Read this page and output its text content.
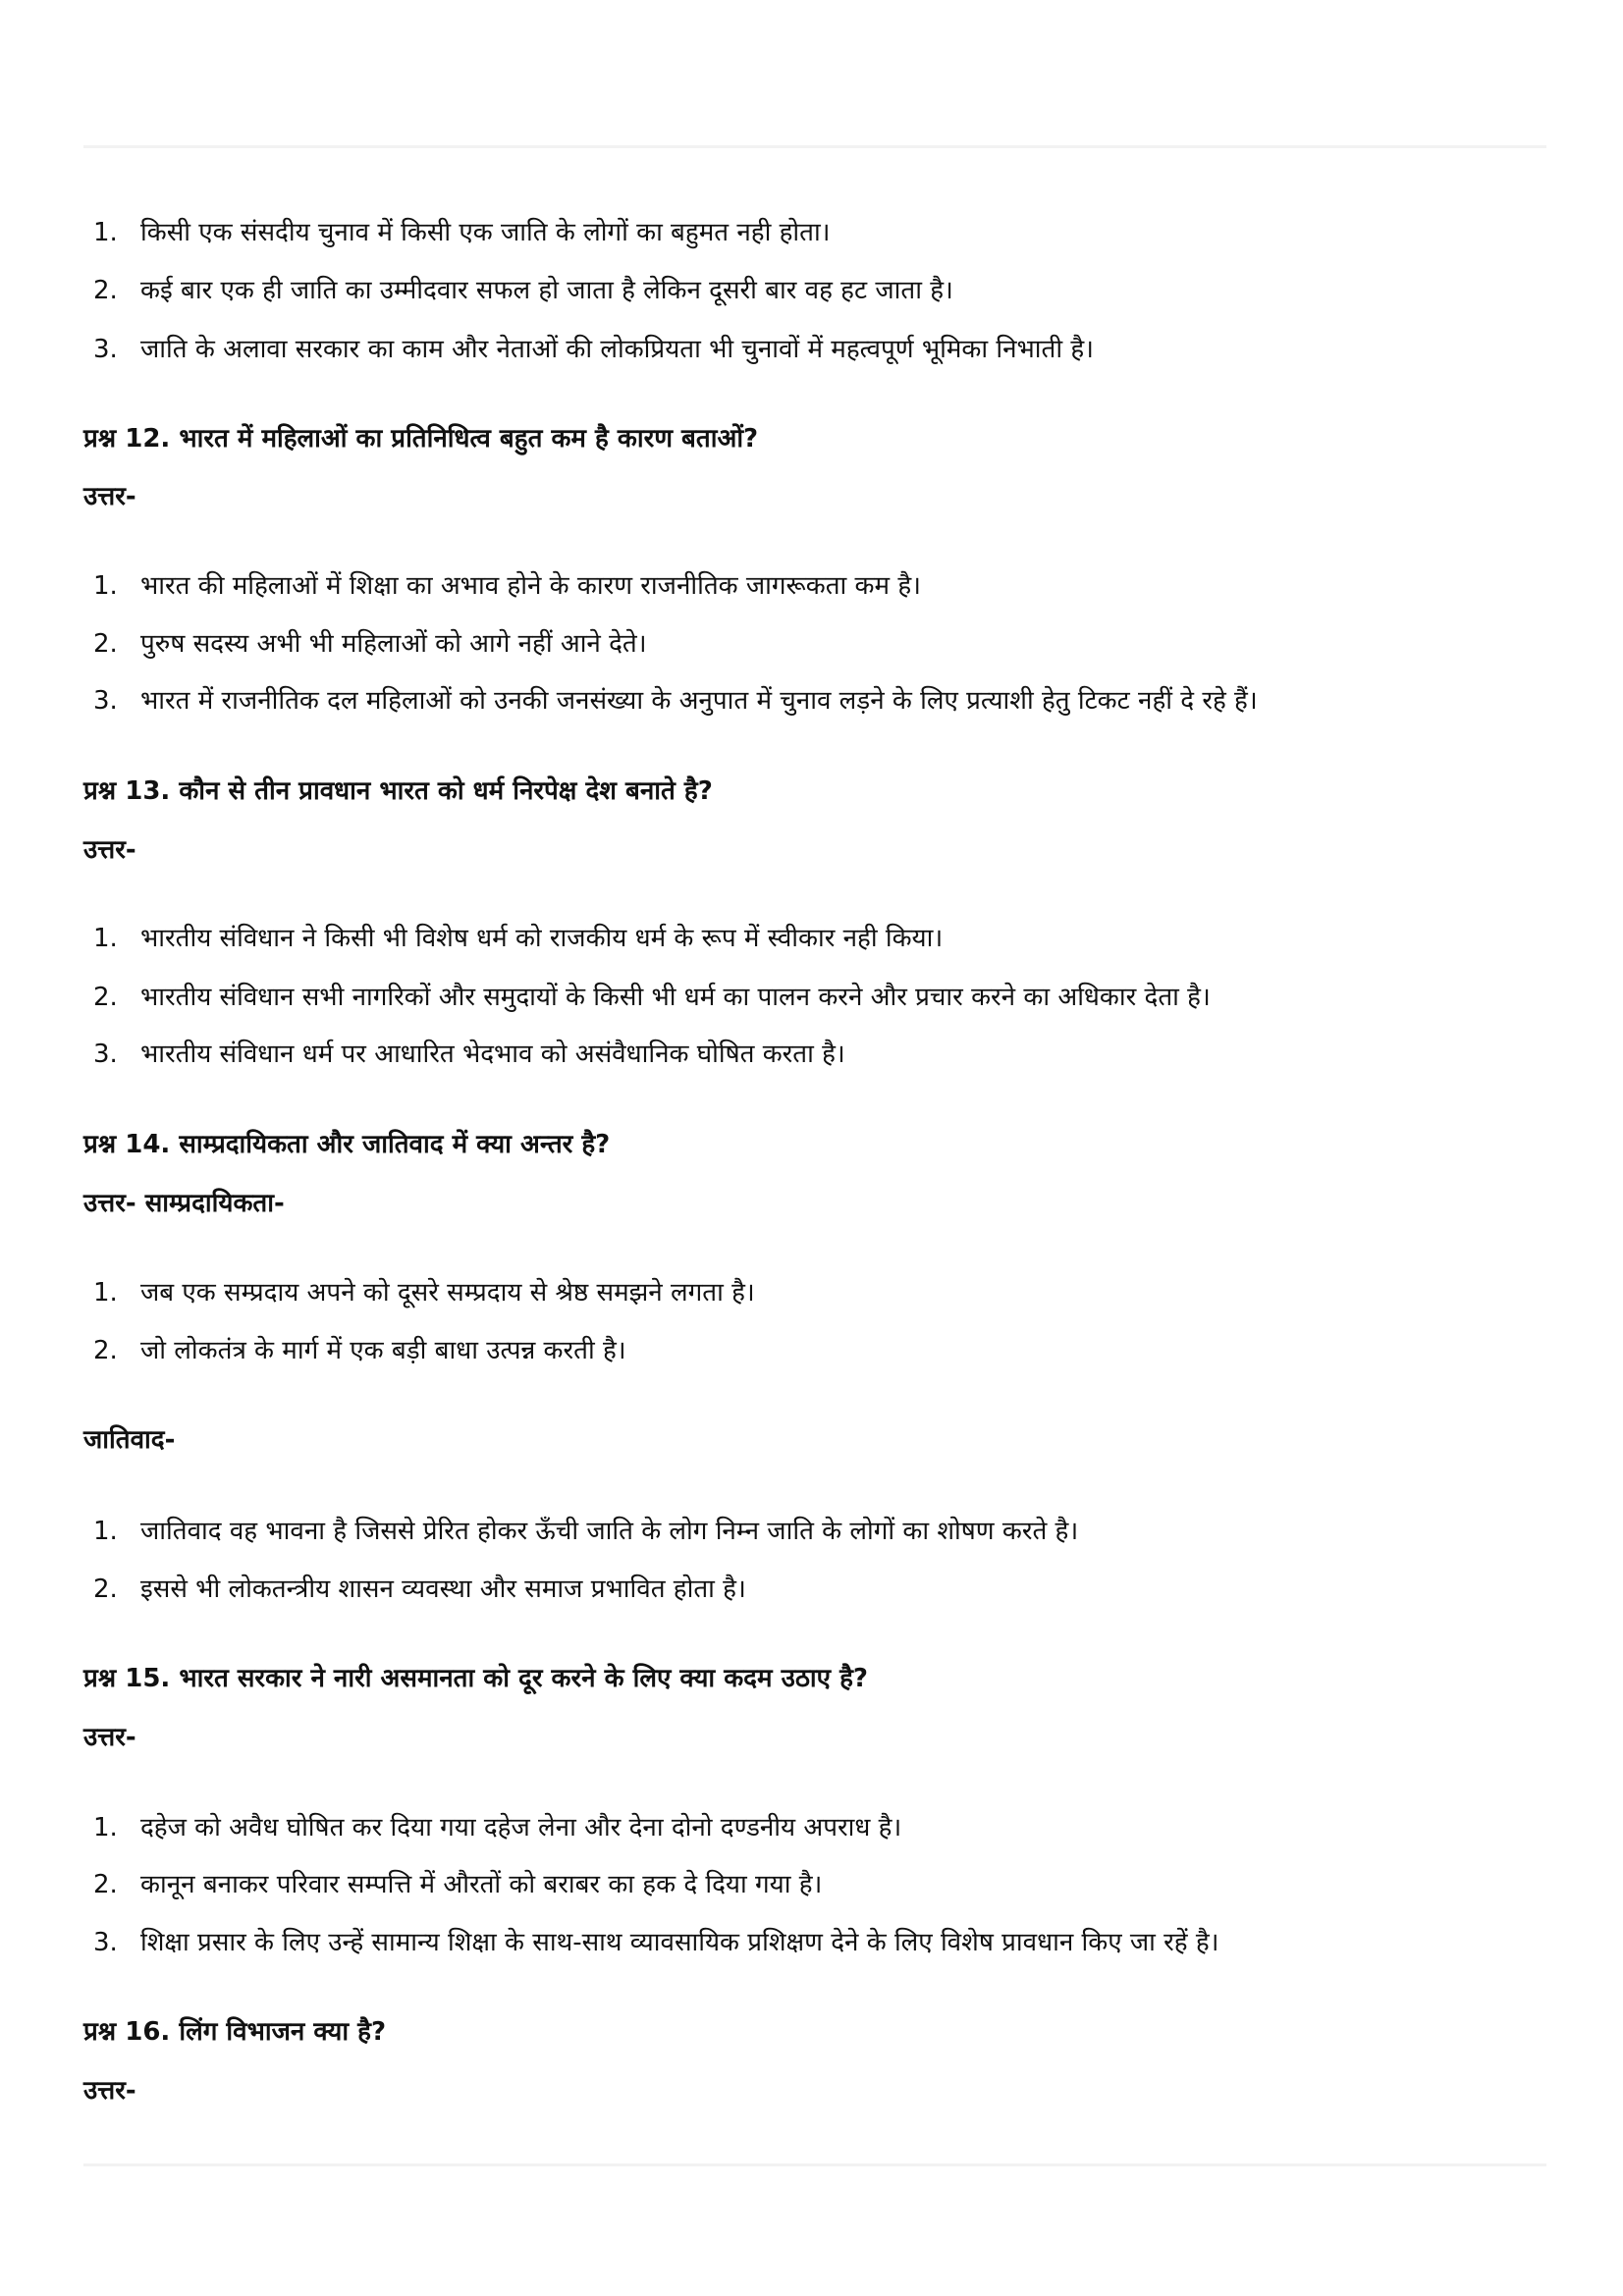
1. किसी एक संसदीय चुनाव में किसी एक जाति के लोगों का बहुमत नही होता।
2. कई बार एक ही जाति का उम्मीदवार सफल हो जाता है लेकिन दूसरी बार वह हट जाता है।
3. जाति के अलावा सरकार का काम और नेताओं की लोकप्रियता भी चुनावों में महत्वपूर्ण भूमिका निभाती है।
प्रश्न 12. भारत में महिलाओं का प्रतिनिधित्व बहुत कम है कारण बताओं?
उत्तर-
1. भारत की महिलाओं में शिक्षा का अभाव होने के कारण राजनीतिक जागरूकता कम है।
2. पुरुष सदस्य अभी भी महिलाओं को आगे नहीं आने देते।
3. भारत में राजनीतिक दल महिलाओं को उनकी जनसंख्या के अनुपात में चुनाव लड़ने के लिए प्रत्याशी हेतु टिकट नहीं दे रहे हैं।
प्रश्न 13. कौन से तीन प्रावधान भारत को धर्म निरपेक्ष देश बनाते है?
उत्तर-
1. भारतीय संविधान ने किसी भी विशेष धर्म को राजकीय धर्म के रूप में स्वीकार नही किया।
2. भारतीय संविधान सभी नागरिकों और समुदायों के किसी भी धर्म का पालन करने और प्रचार करने का अधिकार देता है।
3. भारतीय संविधान धर्म पर आधारित भेदभाव को असंवैधानिक घोषित करता है।
प्रश्न 14. साम्प्रदायिकता और जातिवाद में क्या अन्तर है?
उत्तर- साम्प्रदायिकता-
1. जब एक सम्प्रदाय अपने को दूसरे सम्प्रदाय से श्रेष्ठ समझने लगता है।
2. जो लोकतंत्र के मार्ग में एक बड़ी बाधा उत्पन्न करती है।
जातिवाद-
1. जातिवाद वह भावना है जिससे प्रेरित होकर ऊँची जाति के लोग निम्न जाति के लोगों का शोषण करते है।
2. इससे भी लोकतन्त्रीय शासन व्यवस्था और समाज प्रभावित होता है।
प्रश्न 15. भारत सरकार ने नारी असमानता को दूर करने के लिए क्या कदम उठाए है?
उत्तर-
1. दहेज को अवैध घोषित कर दिया गया दहेज लेना और देना दोनो दण्डनीय अपराध है।
2. कानून बनाकर परिवार सम्पत्ति में औरतों को बराबर का हक दे दिया गया है।
3. शिक्षा प्रसार के लिए उन्हें सामान्य शिक्षा के साथ-साथ व्यावसायिक प्रशिक्षण देने के लिए विशेष प्रावधान किए जा रहें है।
प्रश्न 16. लिंग विभाजन क्या है?
उत्तर-
